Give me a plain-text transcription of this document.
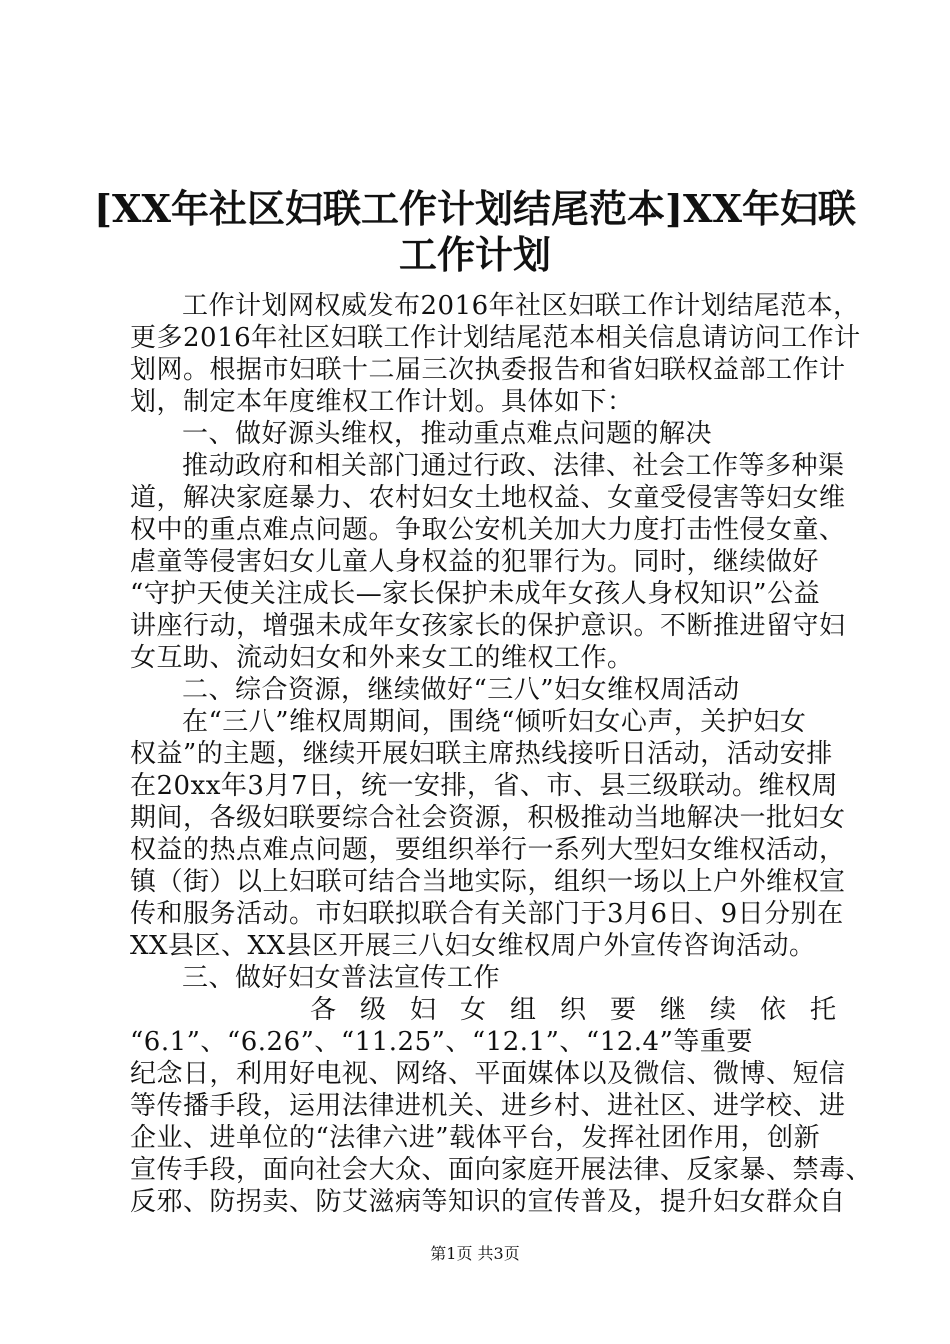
[XX年社区妇联工作计划结尾范本]XX年妇联
工作计划
工作计划网权威发布2016年社区妇联工作计划结尾范本，
更多2016年社区妇联工作计划结尾范本相关信息请访问工作计
划网。根据市妇联十二届三次执委报告和省妇联权益部工作计
划，制定本年度维权工作计划。具体如下：
一、做好源头维权，推动重点难点问题的解决
推动政府和相关部门通过行政、法律、社会工作等多种渠
道，解决家庭暴力、农村妇女土地权益、女童受侵害等妇女维
权中的重点难点问题。争取公安机关加大力度打击性侵女童、
虐童等侵害妇女儿童人身权益的犯罪行为。同时，继续做好
“守护天使关注成长—家长保护未成年女孩人身权知识”公益
讲座行动，增强未成年女孩家长的保护意识。不断推进留守妇
女互助、流动妇女和外来女工的维权工作。
二、综合资源，继续做好“三八”妇女维权周活动
在“三八”维权周期间，围绕“倾听妇女心声，关护妇女
权益”的主题，继续开展妇联主席热线接听日活动，活动安排
在20xx年3月7日，统一安排，省、市、县三级联动。维权周
期间，各级妇联要综合社会资源，积极推动当地解决一批妇女
权益的热点难点问题，要组织举行一系列大型妇女维权活动，
镇（街）以上妇联可结合当地实际，组织一场以上户外维权宣
传和服务活动。市妇联拟联合有关部门于3月6日、9日分别在
XX县区、XX县区开展三八妇女维权周户外宣传咨询活动。
三、做好妇女普法宣传工作
各级妇女组织要继续依托
“6.1”、“6.26”、“11.25”、“12.1”、“12.4”等重要
纪念日，利用好电视、网络、平面媒体以及微信、微博、短信
等传播手段，运用法律进机关、进乡村、进社区、进学校、进
企业、进单位的“法律六进”载体平台，发挥社团作用，创新
宣传手段，面向社会大众、面向家庭开展法律、反家暴、禁毒、
反邪、防拐卖、防艾滋病等知识的宣传普及，提升妇女群众自
第1页 共3页
